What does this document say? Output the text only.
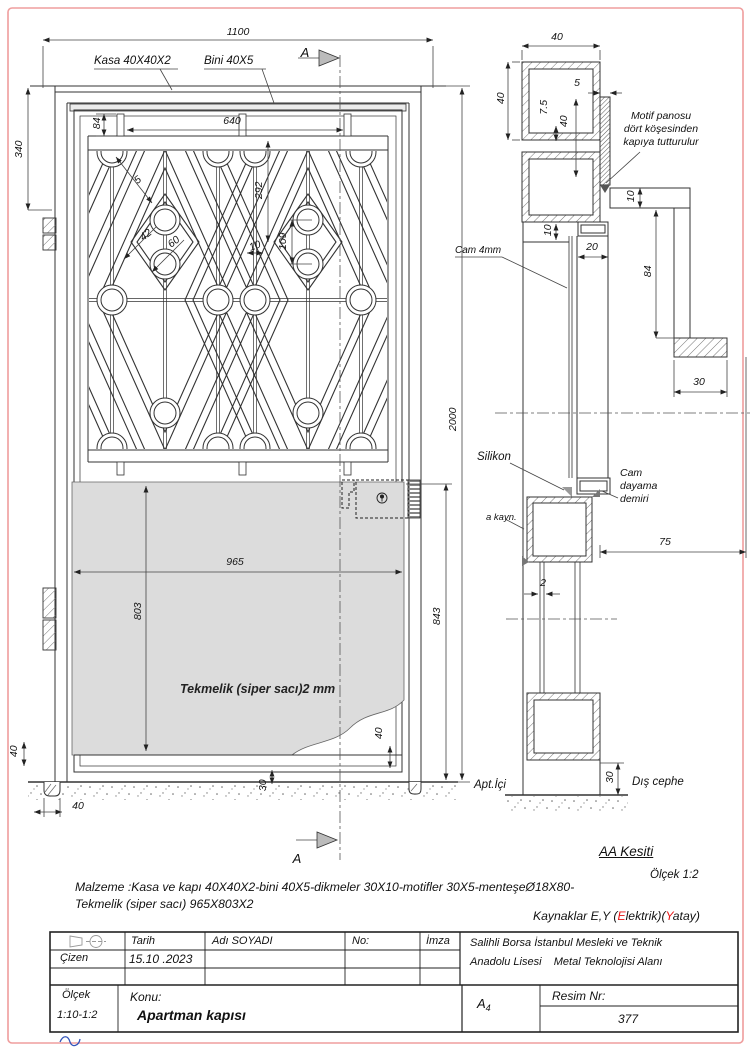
1100
340
84	640
5
42	60
292
109
10
2000
843
965
803
40
30
40
40
Kasa 40X40X2	Bini 40X5
A
A
Tekmelik (siper sacı)2 mm
40
40
5
7.5
40
10
20
10
84
30
75
2
30
Motif panosu
dört köşesinden
kapıya tutturulur
Cam 4mm
Silikon
Cam
dayama
demiri
a kayn.
Apt.İçi	Dış cephe
AA Kesiti
Ölçek 1:2
Malzeme :Kasa ve kapı 40X40X2-bini 40X5-dikmeler 30X10-motifler 30X5-menteşeØ18X80-
Tekmelik (siper sacı) 965X803X2
Kaynaklar E,Y (Elektrik)(Yatay)
Tarih
15.10 .2023
Adı SOYADI	No:	İmza
Çizen
Salihli Borsa İstanbul Mesleki ve Teknik
Anadolu Lisesi    Metal Teknolojisi Alanı
Ölçek
1:10-1:2
Konu:
Apartman kapısı
$A_4$
Resim Nr:
377
